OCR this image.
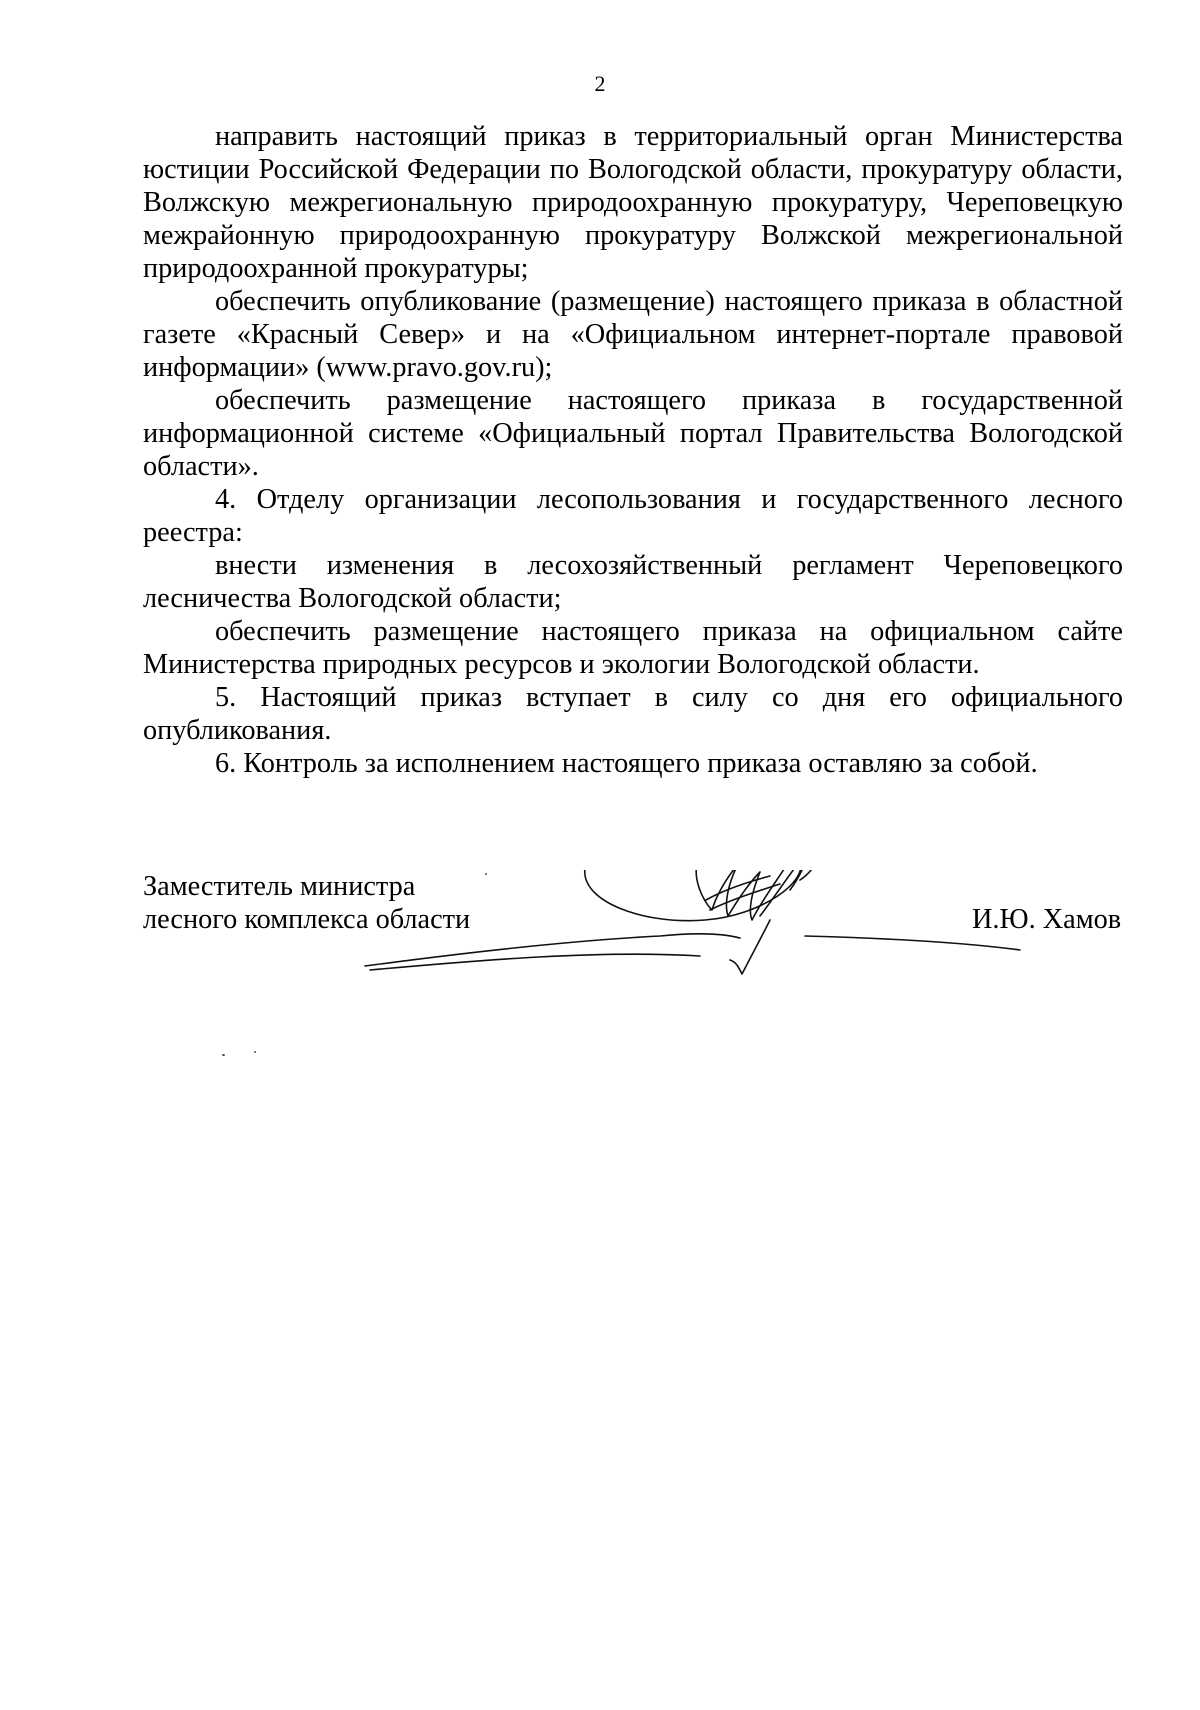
2

направить настоящий приказ в территориальный орган Министерства юстиции Российской Федерации по Вологодской области, прокуратуру области, Волжскую межрегиональную природоохранную прокуратуру, Череповецкую межрайонную природоохранную прокуратуру Волжской межрегиональной природоохранной прокуратуры;

обеспечить опубликование (размещение) настоящего приказа в областной газете «Красный Север» и на «Официальном интернет-портале правовой информации» (www.pravo.gov.ru);

обеспечить размещение настоящего приказа в государственной информационной системе «Официальный портал Правительства Вологодской области».

4. Отделу организации лесопользования и государственного лесного реестра:

внести изменения в лесохозяйственный регламент Череповецкого лесничества Вологодской области;

обеспечить размещение настоящего приказа на официальном сайте Министерства природных ресурсов и экологии Вологодской области.

5. Настоящий приказ вступает в силу со дня его официального опубликования.

6. Контроль за исполнением настоящего приказа оставляю за собой.

Заместитель министра
лесного комплекса области	И.Ю. Хамов
